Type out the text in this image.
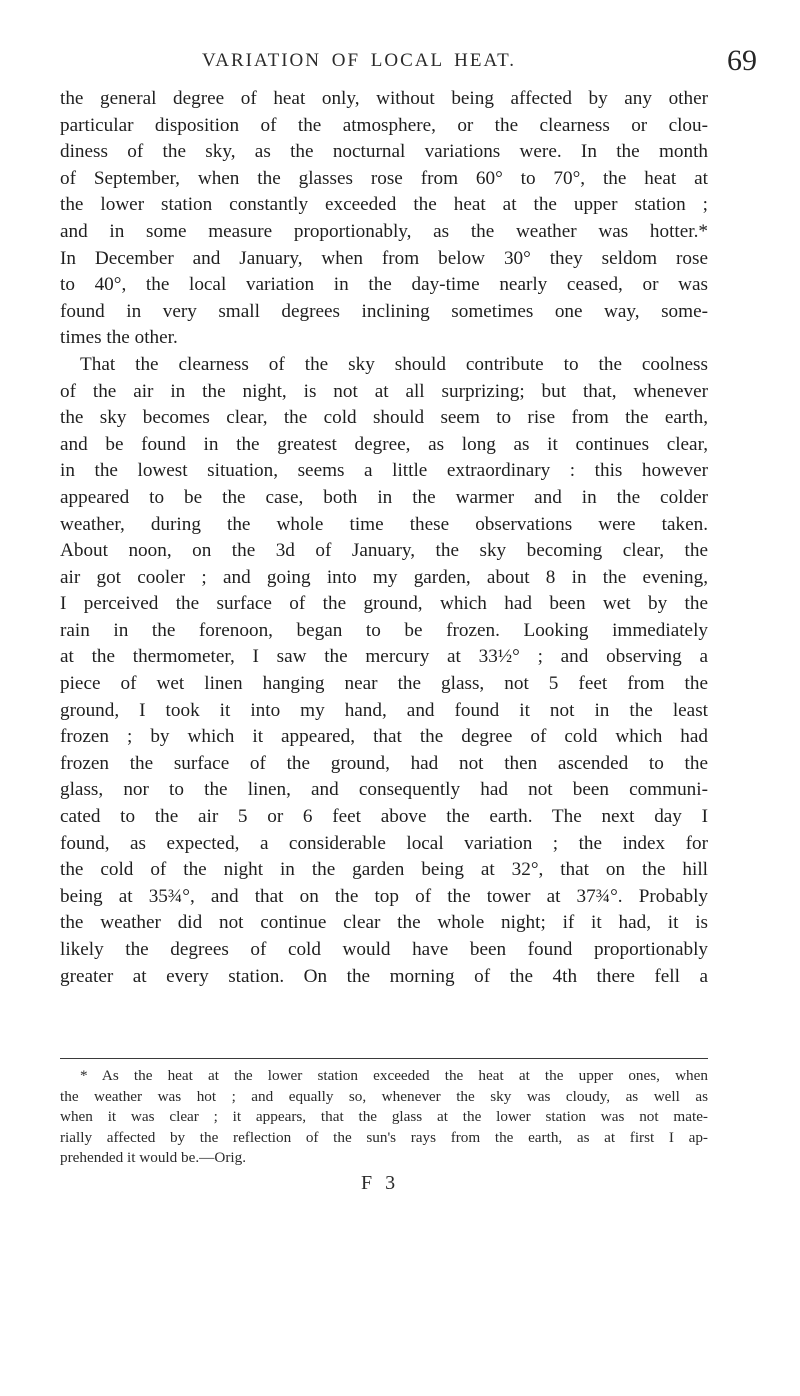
VARIATION OF LOCAL HEAT.	69
the general degree of heat only, without being affected by any other
particular disposition of the atmosphere, or the clearness or clou-
diness of the sky, as the nocturnal variations were. In the month
of September, when the glasses rose from 60° to 70°, the heat at
the lower station constantly exceeded the heat at the upper station ;
and in some measure proportionably, as the weather was hotter.*
In December and January, when from below 30° they seldom rose
to 40°, the local variation in the day-time nearly ceased, or was
found in very small degrees inclining sometimes one way, some-
times the other.
That the clearness of the sky should contribute to the coolness
of the air in the night, is not at all surprizing; but that, whenever
the sky becomes clear, the cold should seem to rise from the earth,
and be found in the greatest degree, as long as it continues clear,
in the lowest situation, seems a little extraordinary : this however
appeared to be the case, both in the warmer and in the colder
weather, during the whole time these observations were taken.
About noon, on the 3d of January, the sky becoming clear, the
air got cooler ; and going into my garden, about 8 in the evening,
I perceived the surface of the ground, which had been wet by the
rain in the forenoon, began to be frozen. Looking immediately
at the thermometer, I saw the mercury at 33½° ; and observing a
piece of wet linen hanging near the glass, not 5 feet from the
ground, I took it into my hand, and found it not in the least
frozen ; by which it appeared, that the degree of cold which had
frozen the surface of the ground, had not then ascended to the
glass, nor to the linen, and consequently had not been communi-
cated to the air 5 or 6 feet above the earth. The next day I
found, as expected, a considerable local variation ; the index for
the cold of the night in the garden being at 32°, that on the hill
being at 35¾°, and that on the top of the tower at 37¾°. Probably
the weather did not continue clear the whole night; if it had, it is
likely the degrees of cold would have been found proportionably
greater at every station. On the morning of the 4th there fell a
* As the heat at the lower station exceeded the heat at the upper ones, when
the weather was hot ; and equally so, whenever the sky was cloudy, as well as
when it was clear ; it appears, that the glass at the lower station was not mate-
rially affected by the reflection of the sun's rays from the earth, as at first I ap-
prehended it would be.—Orig.
F 3
